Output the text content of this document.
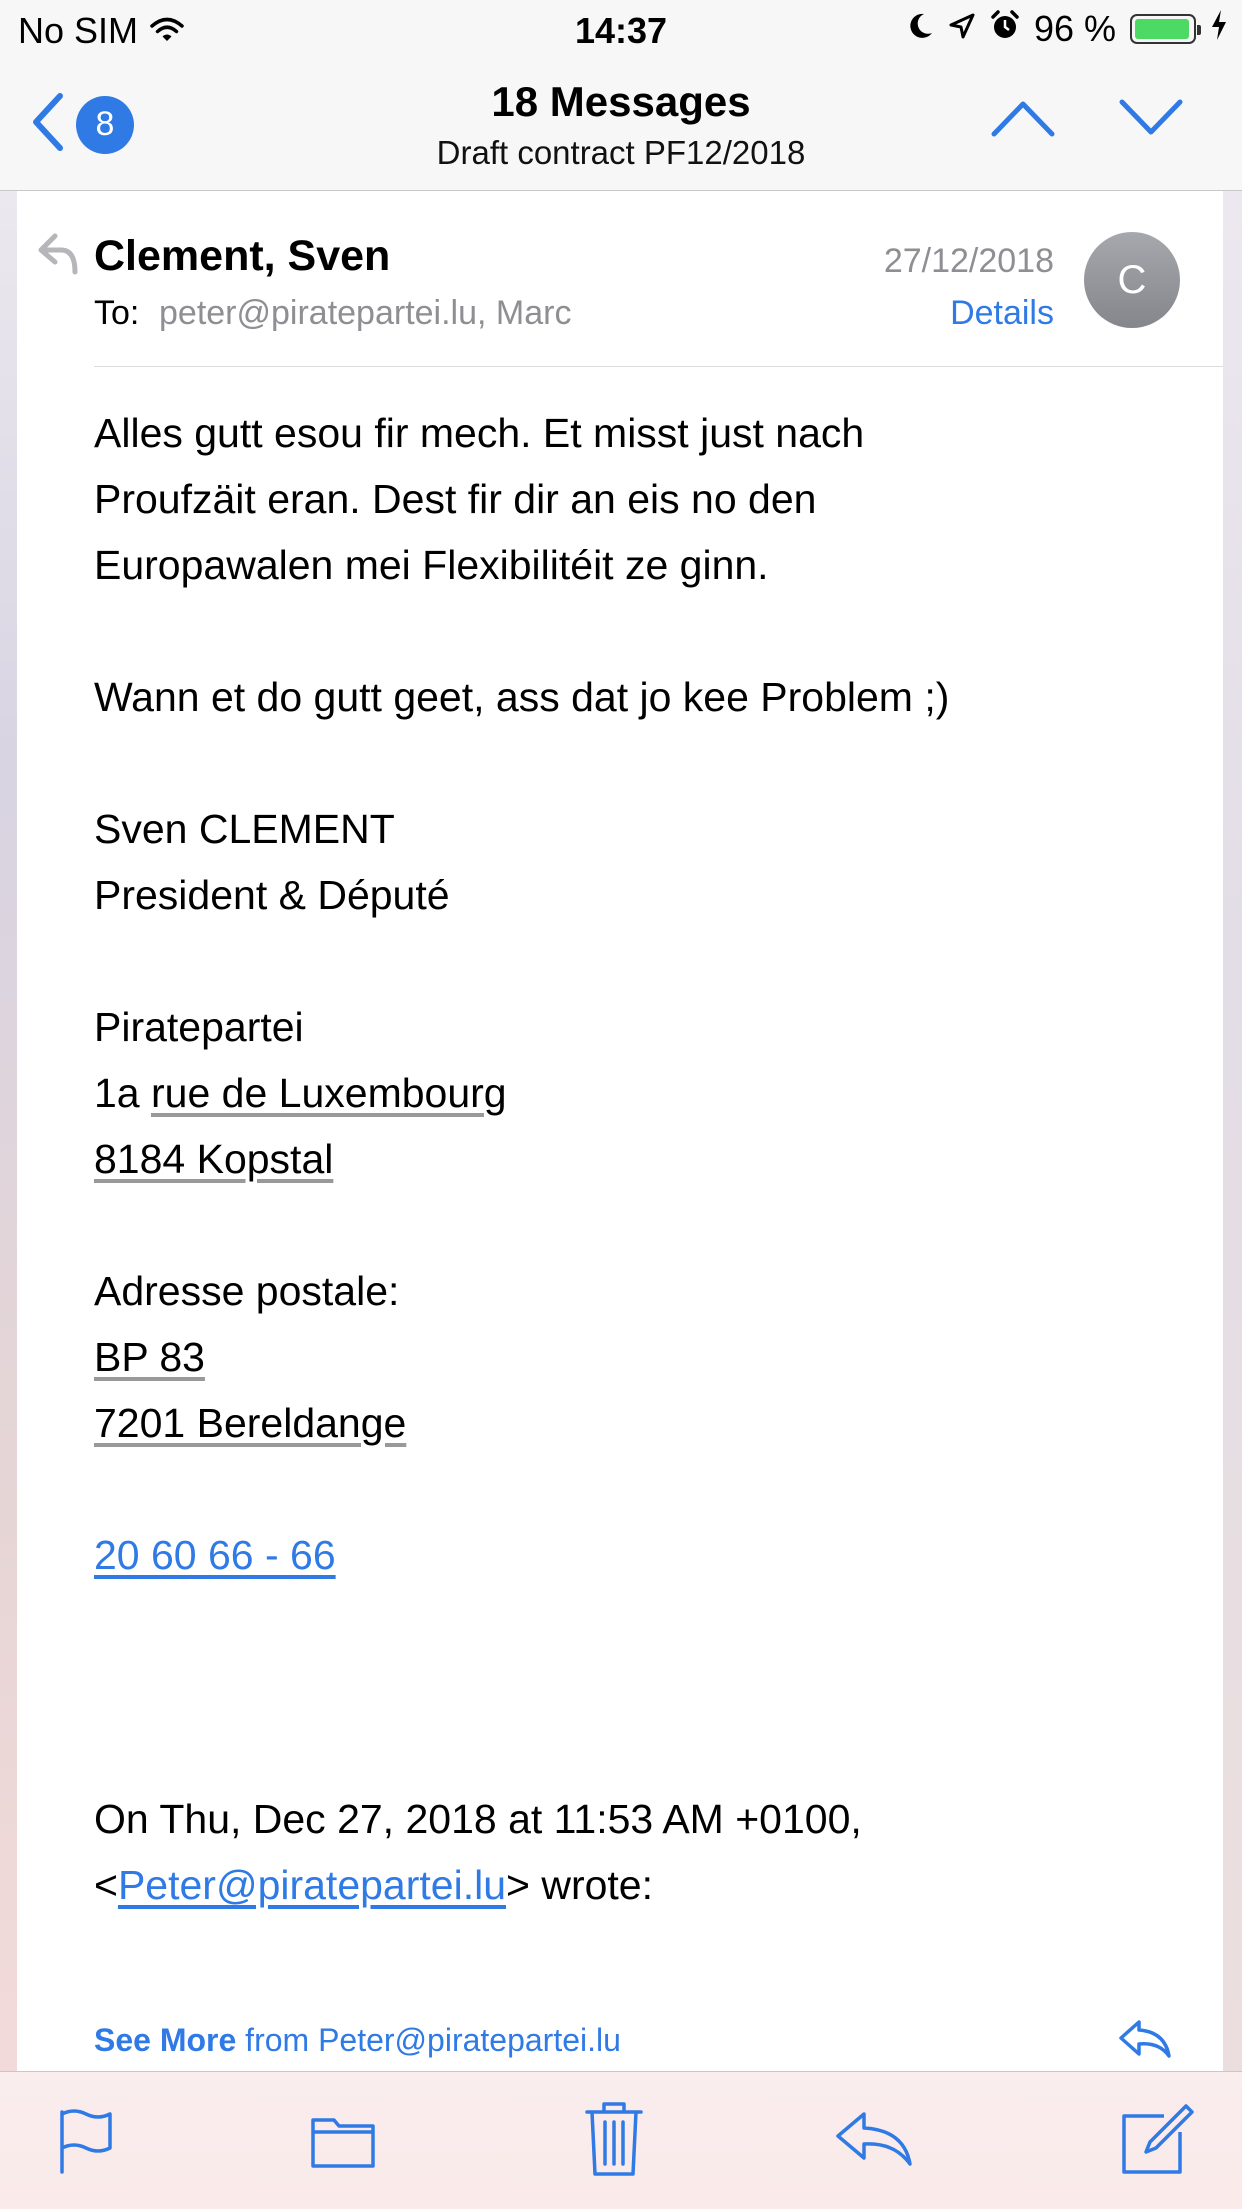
No SIM	14:37	96 %
8	18 Messages
Draft contract PF12/2018
Clement, Sven	27/12/2018
To: peter@piratepartei.lu, Marc	Details
C
Alles gutt esou fir mech. Et misst just nach
Proufzäit eran. Dest fir dir an eis no den
Europawalen mei Flexibilitéit ze ginn.
Wann et do gutt geet, ass dat jo kee Problem ;)
Sven CLEMENT
President & Député
Piratepartei
1a rue de Luxembourg
8184 Kopstal
Adresse postale:
BP 83
7201 Bereldange
20 60 66 - 66
On Thu, Dec 27, 2018 at 11:53 AM +0100,
<Peter@piratepartei.lu> wrote:
See More from Peter@piratepartei.lu
